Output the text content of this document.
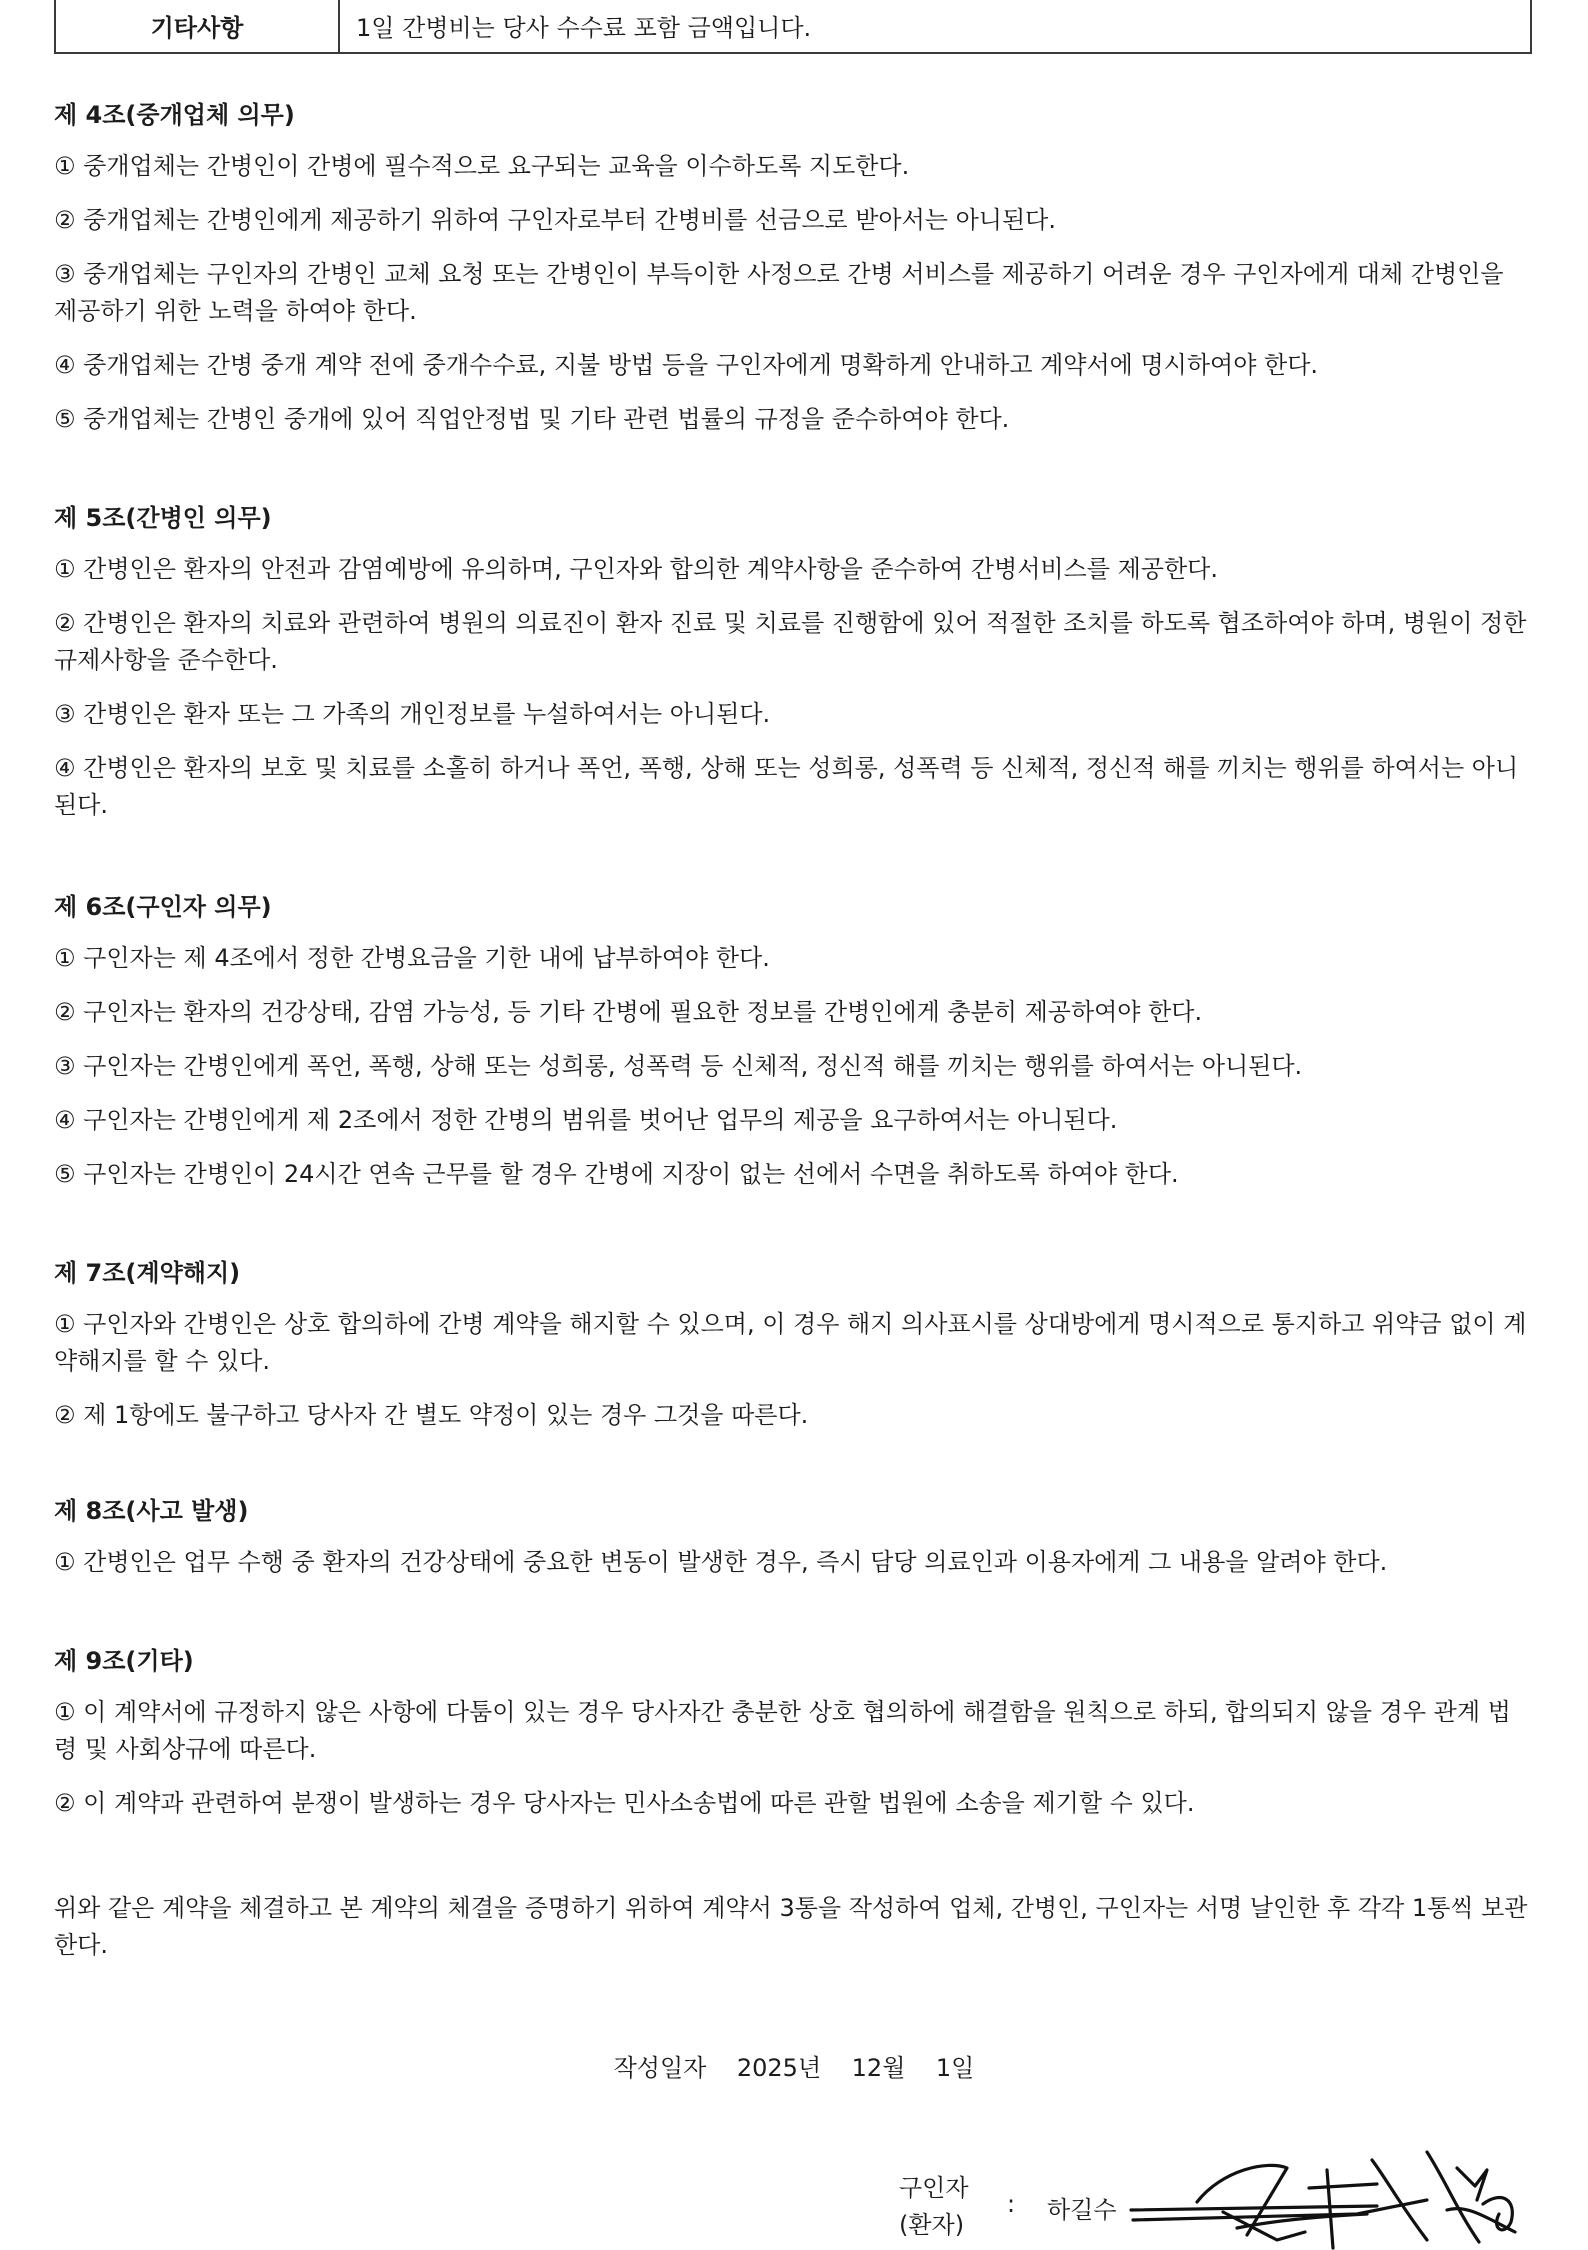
기타사항	1일 간병비는 당사 수수료 포함 금액입니다.
제 4조(중개업체 의무)

① 중개업체는 간병인이 간병에 필수적으로 요구되는 교육을 이수하도록 지도한다.

② 중개업체는 간병인에게 제공하기 위하여 구인자로부터 간병비를 선금으로 받아서는 아니된다.

③ 중개업체는 구인자의 간병인 교체 요청 또는 간병인이 부득이한 사정으로 간병 서비스를 제공하기 어려운 경우 구인자에게 대체 간병인을 제공하기 위한 노력을 하여야 한다.

④ 중개업체는 간병 중개 계약 전에 중개수수료, 지불 방법 등을 구인자에게 명확하게 안내하고 계약서에 명시하여야 한다.

⑤ 중개업체는 간병인 중개에 있어 직업안정법 및 기타 관련 법률의 규정을 준수하여야 한다.

제 5조(간병인 의무)

① 간병인은 환자의 안전과 감염예방에 유의하며, 구인자와 합의한 계약사항을 준수하여 간병서비스를 제공한다.

② 간병인은 환자의 치료와 관련하여 병원의 의료진이 환자 진료 및 치료를 진행함에 있어 적절한 조치를 하도록 협조하여야 하며, 병원이 정한 규제사항을 준수한다.

③ 간병인은 환자 또는 그 가족의 개인정보를 누설하여서는 아니된다.

④ 간병인은 환자의 보호 및 치료를 소홀히 하거나 폭언, 폭행, 상해 또는 성희롱, 성폭력 등 신체적, 정신적 해를 끼치는 행위를 하여서는 아니된다.

제 6조(구인자 의무)

① 구인자는 제 4조에서 정한 간병요금을 기한 내에 납부하여야 한다.

② 구인자는 환자의 건강상태, 감염 가능성, 등 기타 간병에 필요한 정보를 간병인에게 충분히 제공하여야 한다.

③ 구인자는 간병인에게 폭언, 폭행, 상해 또는 성희롱, 성폭력 등 신체적, 정신적 해를 끼치는 행위를 하여서는 아니된다.

④ 구인자는 간병인에게 제 2조에서 정한 간병의 범위를 벗어난 업무의 제공을 요구하여서는 아니된다.

⑤ 구인자는 간병인이 24시간 연속 근무를 할 경우 간병에 지장이 없는 선에서 수면을 취하도록 하여야 한다.

제 7조(계약해지)

① 구인자와 간병인은 상호 합의하에 간병 계약을 해지할 수 있으며, 이 경우 해지 의사표시를 상대방에게 명시적으로 통지하고 위약금 없이 계약해지를 할 수 있다.

② 제 1항에도 불구하고 당사자 간 별도 약정이 있는 경우 그것을 따른다.

제 8조(사고 발생)

① 간병인은 업무 수행 중 환자의 건강상태에 중요한 변동이 발생한 경우, 즉시 담당 의료인과 이용자에게 그 내용을 알려야 한다.

제 9조(기타)

① 이 계약서에 규정하지 않은 사항에 다툼이 있는 경우 당사자간 충분한 상호 협의하에 해결함을 원칙으로 하되, 합의되지 않을 경우 관계 법령 및 사회상규에 따른다.

② 이 계약과 관련하여 분쟁이 발생하는 경우 당사자는 민사소송법에 따른 관할 법원에 소송을 제기할 수 있다.

위와 같은 계약을 체결하고 본 계약의 체결을 증명하기 위하여 계약서 3통을 작성하여 업체, 간병인, 구인자는 서명 날인한 후 각각 1통씩 보관한다.

작성일자 2025년 12월 1일
구인자
(환자)
: 하길수
